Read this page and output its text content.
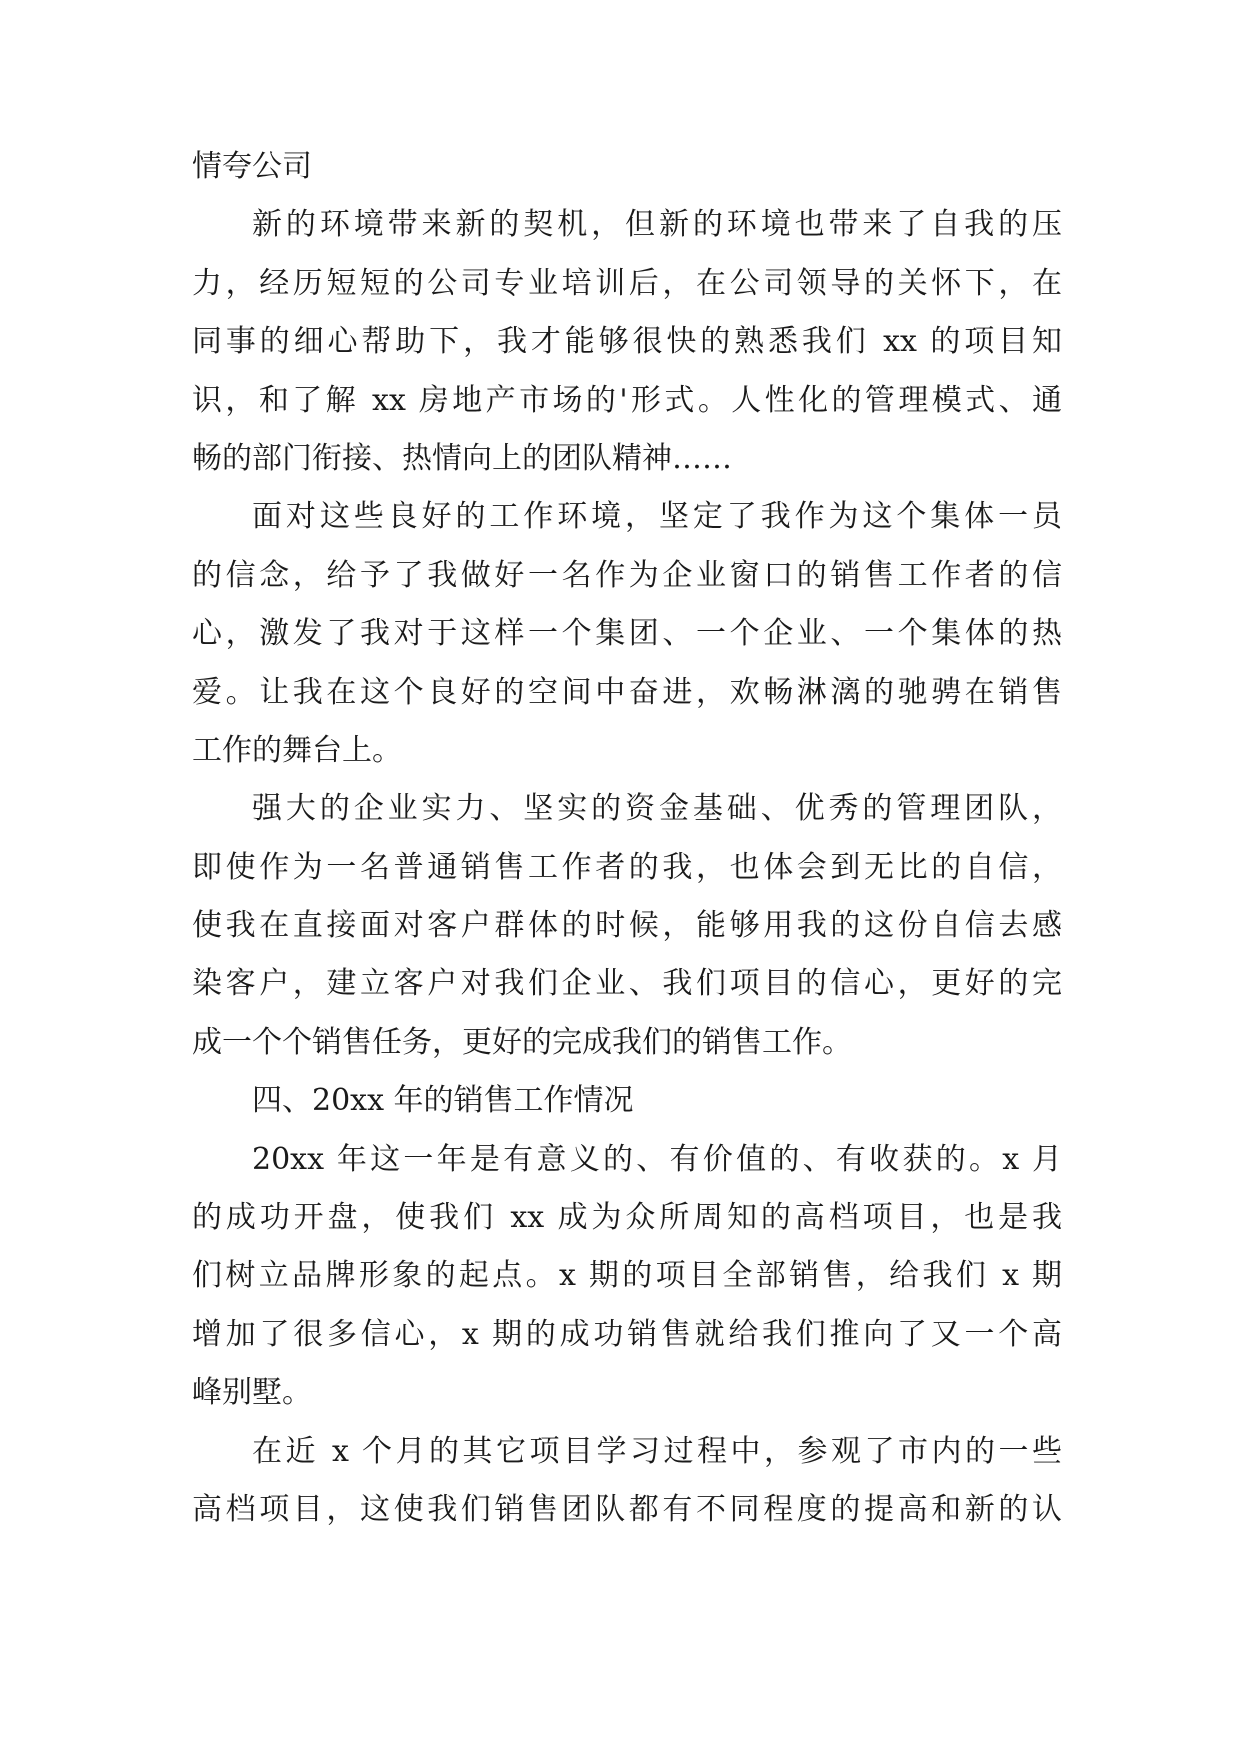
情夸公司
新的环境带来新的契机，但新的环境也带来了自我的压
力，经历短短的公司专业培训后，在公司领导的关怀下，在
同事的细心帮助下，我才能够很快的熟悉我们 xx 的项目知
识，和了解 xx 房地产市场的'形式。人性化的管理模式、通
畅的部门衔接、热情向上的团队精神……
面对这些良好的工作环境，坚定了我作为这个集体一员
的信念，给予了我做好一名作为企业窗口的销售工作者的信
心，激发了我对于这样一个集团、一个企业、一个集体的热
爱。让我在这个良好的空间中奋进，欢畅淋漓的驰骋在销售
工作的舞台上。
强大的企业实力、坚实的资金基础、优秀的管理团队，
即使作为一名普通销售工作者的我，也体会到无比的自信，
使我在直接面对客户群体的时候，能够用我的这份自信去感
染客户，建立客户对我们企业、我们项目的信心，更好的完
成一个个销售任务，更好的完成我们的销售工作。
四、20xx 年的销售工作情况
20xx 年这一年是有意义的、有价值的、有收获的。x 月
的成功开盘，使我们 xx 成为众所周知的高档项目，也是我
们树立品牌形象的起点。x 期的项目全部销售，给我们 x 期
增加了很多信心，x 期的成功销售就给我们推向了又一个高
峰别墅。
在近 x 个月的其它项目学习过程中，参观了市内的一些
高档项目，这使我们销售团队都有不同程度的提高和新的认
